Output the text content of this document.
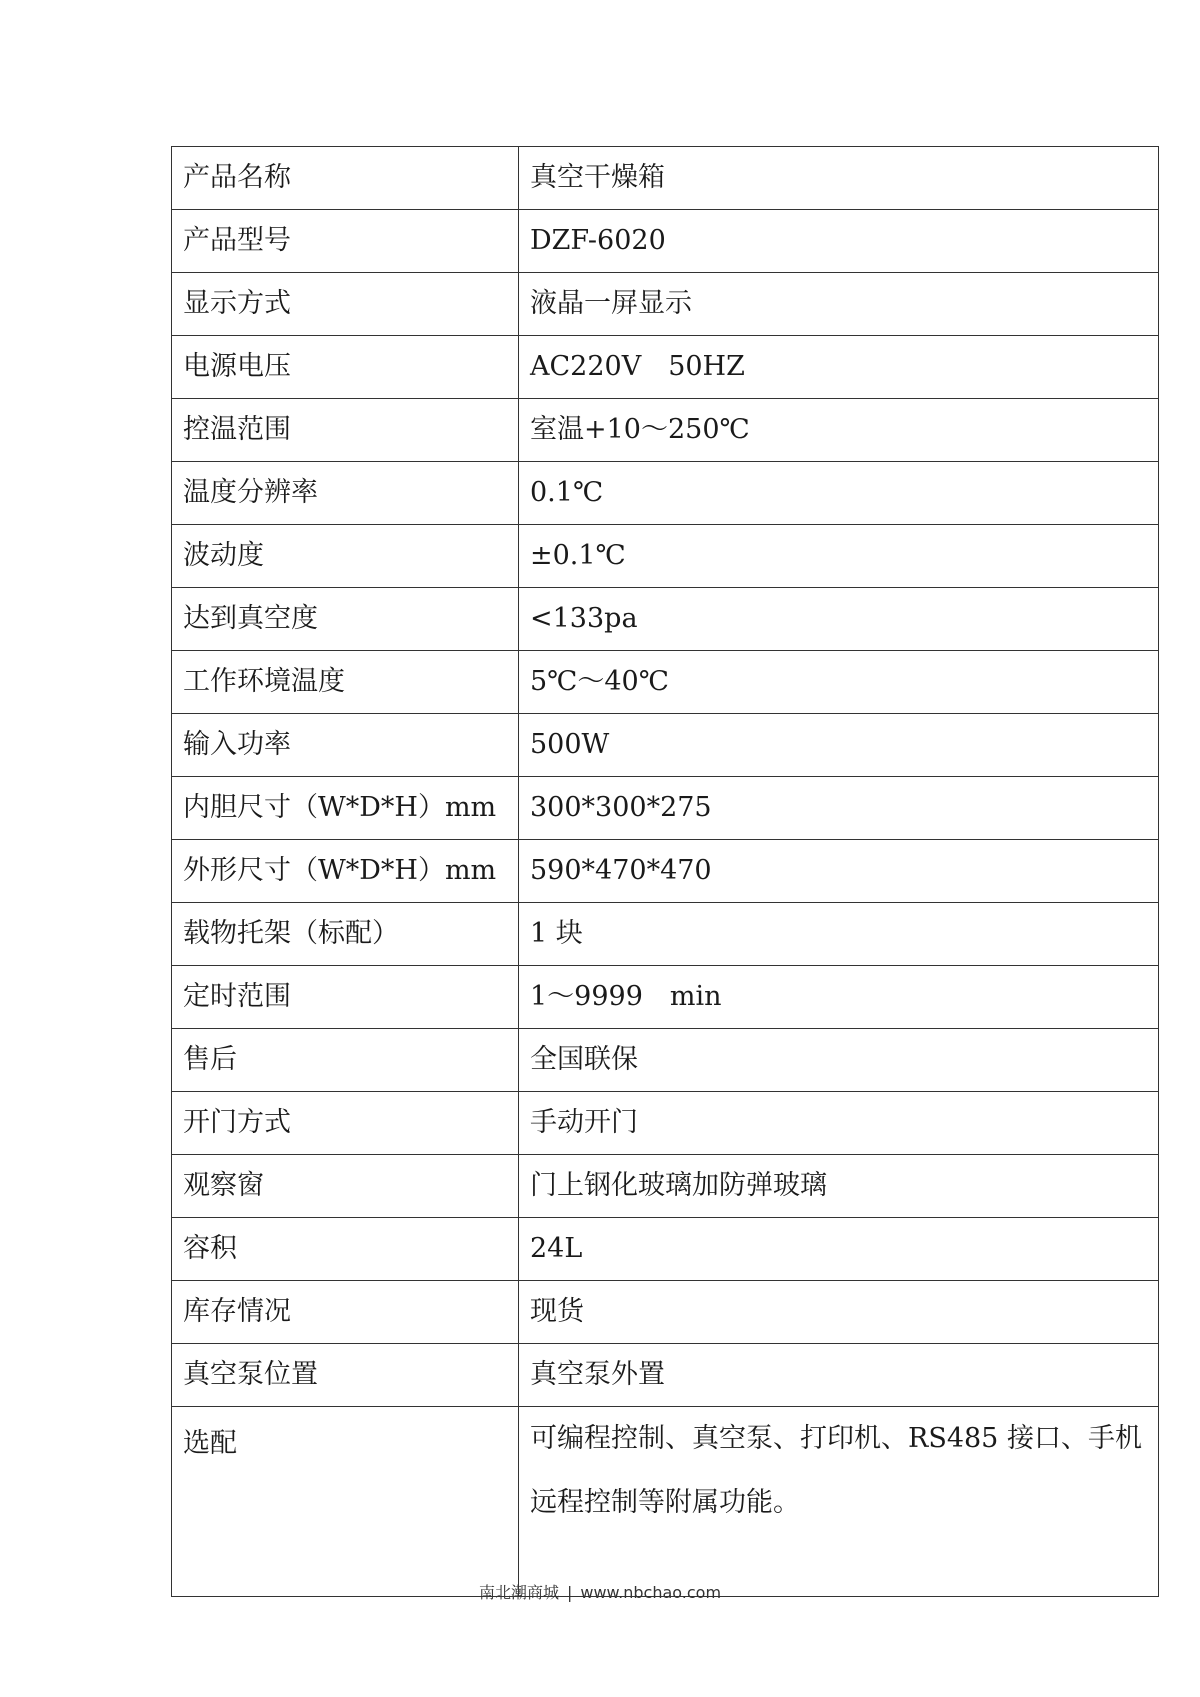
产品名称	真空干燥箱
产品型号	DZF-6020
显示方式	液晶一屏显示
电源电压	AC220V　50HZ
控温范围	室温+10～250℃
温度分辨率	0.1℃
波动度	±0.1℃
达到真空度	<133pa
工作环境温度	5℃～40℃
输入功率	500W
内胆尺寸（W*D*H）mm	300*300*275
外形尺寸（W*D*H）mm	590*470*470
载物托架（标配）	1 块
定时范围	1～9999　min
售后	全国联保
开门方式	手动开门
观察窗	门上钢化玻璃加防弹玻璃
容积	24L
库存情况	现货
真空泵位置	真空泵外置
选配	可编程控制、真空泵、打印机、RS485 接口、手机远程控制等附属功能。
南北潮商城 | www.nbchao.com
